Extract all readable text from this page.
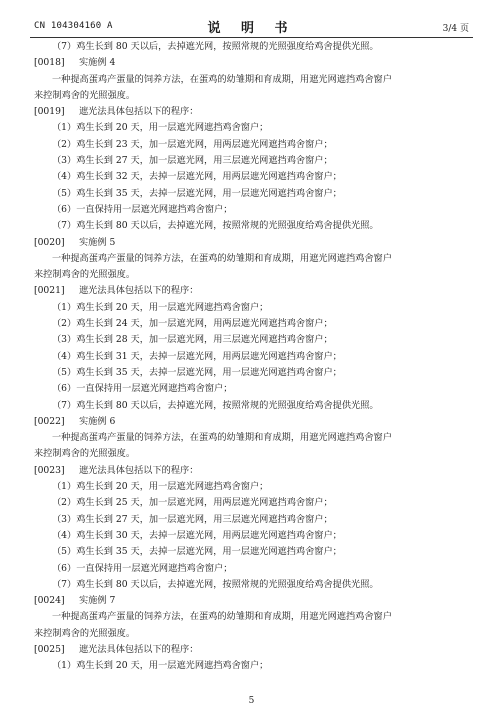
CN 104304160 A	说 明 书	3/4 页
（7）鸡生长到 80 天以后，去掉遮光网，按照常规的光照强度给鸡舍提供光照。
[0018] 实施例 4
一种提高蛋鸡产蛋量的饲养方法，在蛋鸡的幼雏期和育成期，用遮光网遮挡鸡舍窗户
来控制鸡舍的光照强度。
[0019] 遮光法具体包括以下的程序：
（1）鸡生长到 20 天，用一层遮光网遮挡鸡舍窗户；
（2）鸡生长到 23 天，加一层遮光网，用两层遮光网遮挡鸡舍窗户；
（3）鸡生长到 27 天，加一层遮光网，用三层遮光网遮挡鸡舍窗户；
（4）鸡生长到 32 天，去掉一层遮光网，用两层遮光网遮挡鸡舍窗户；
（5）鸡生长到 35 天，去掉一层遮光网，用一层遮光网遮挡鸡舍窗户；
（6）一直保持用一层遮光网遮挡鸡舍窗户；
（7）鸡生长到 80 天以后，去掉遮光网，按照常规的光照强度给鸡舍提供光照。
[0020] 实施例 5
一种提高蛋鸡产蛋量的饲养方法，在蛋鸡的幼雏期和育成期，用遮光网遮挡鸡舍窗户
来控制鸡舍的光照强度。
[0021] 遮光法具体包括以下的程序：
（1）鸡生长到 20 天，用一层遮光网遮挡鸡舍窗户；
（2）鸡生长到 24 天，加一层遮光网，用两层遮光网遮挡鸡舍窗户；
（3）鸡生长到 28 天，加一层遮光网，用三层遮光网遮挡鸡舍窗户；
（4）鸡生长到 31 天，去掉一层遮光网，用两层遮光网遮挡鸡舍窗户；
（5）鸡生长到 35 天，去掉一层遮光网，用一层遮光网遮挡鸡舍窗户；
（6）一直保持用一层遮光网遮挡鸡舍窗户；
（7）鸡生长到 80 天以后，去掉遮光网，按照常规的光照强度给鸡舍提供光照。
[0022] 实施例 6
一种提高蛋鸡产蛋量的饲养方法，在蛋鸡的幼雏期和育成期，用遮光网遮挡鸡舍窗户
来控制鸡舍的光照强度。
[0023] 遮光法具体包括以下的程序：
（1）鸡生长到 20 天，用一层遮光网遮挡鸡舍窗户；
（2）鸡生长到 25 天，加一层遮光网，用两层遮光网遮挡鸡舍窗户；
（3）鸡生长到 27 天，加一层遮光网，用三层遮光网遮挡鸡舍窗户；
（4）鸡生长到 30 天，去掉一层遮光网，用两层遮光网遮挡鸡舍窗户；
（5）鸡生长到 35 天，去掉一层遮光网，用一层遮光网遮挡鸡舍窗户；
（6）一直保持用一层遮光网遮挡鸡舍窗户；
（7）鸡生长到 80 天以后，去掉遮光网，按照常规的光照强度给鸡舍提供光照。
[0024] 实施例 7
一种提高蛋鸡产蛋量的饲养方法，在蛋鸡的幼雏期和育成期，用遮光网遮挡鸡舍窗户
来控制鸡舍的光照强度。
[0025] 遮光法具体包括以下的程序：
（1）鸡生长到 20 天，用一层遮光网遮挡鸡舍窗户；
5
